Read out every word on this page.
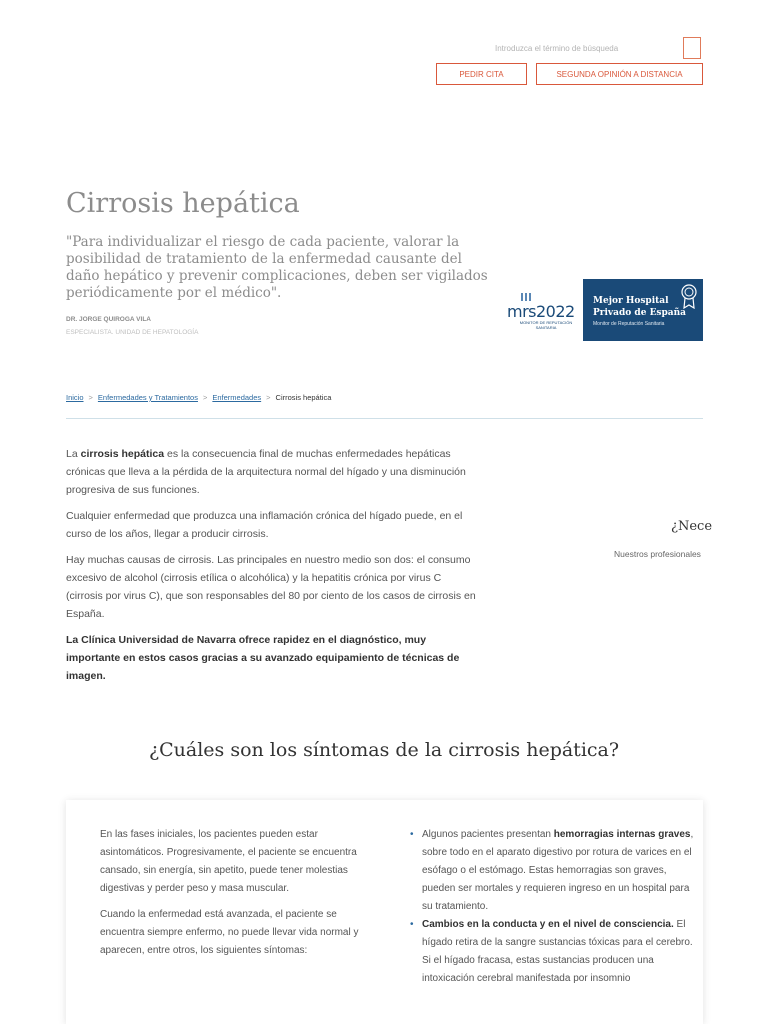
Introduzca el término de búsqueda
PEDIR CITA	SEGUNDA OPINIÓN A DISTANCIA
Cirrosis hepática
"Para individualizar el riesgo de cada paciente, valorar la posibilidad de tratamiento de la enfermedad causante del daño hepático y prevenir complicaciones, deben ser vigilados periódicamente por el médico".
DR. JORGE QUIROGA VILA
ESPECIALISTA. UNIDAD DE HEPATOLOGÍA
mrs2022
MONITOR DE REPUTACIÓN SANITARIA
Mejor Hospital
Privado de España
Monitor de Reputación Sanitaria
Inicio > Enfermedades y Tratamientos > Enfermedades > Cirrosis hepática

La cirrosis hepática es la consecuencia final de muchas enfermedades hepáticas crónicas que lleva a la pérdida de la arquitectura normal del hígado y una disminución progresiva de sus funciones.

Cualquier enfermedad que produzca una inflamación crónica del hígado puede, en el curso de los años, llegar a producir cirrosis.

Hay muchas causas de cirrosis. Las principales en nuestro medio son dos: el consumo excesivo de alcohol (cirrosis etílica o alcohólica) y la hepatitis crónica por virus C (cirrosis por virus C), que son responsables del 80 por ciento de los casos de cirrosis en España.

La Clínica Universidad de Navarra ofrece rapidez en el diagnóstico, muy importante en estos casos gracias a su avanzado equipamiento de técnicas de imagen.

¿Nece
Nuestros profesionales
¿Cuáles son los síntomas de la cirrosis hepática?

En las fases iniciales, los pacientes pueden estar asintomáticos. Progresivamente, el paciente se encuentra cansado, sin energía, sin apetito, puede tener molestias digestivas y perder peso y masa muscular.

Cuando la enfermedad está avanzada, el paciente se encuentra siempre enfermo, no puede llevar vida normal y aparecen, entre otros, los siguientes síntomas:

• Algunos pacientes presentan hemorragias internas graves, sobre todo en el aparato digestivo por rotura de varices en el esófago o el estómago. Estas hemorragias son graves, pueden ser mortales y requieren ingreso en un hospital para su tratamiento.
• Cambios en la conducta y en el nivel de consciencia. El hígado retira de la sangre sustancias tóxicas para el cerebro. Si el hígado fracasa, estas sustancias producen una intoxicación cerebral manifestada por insomnio
